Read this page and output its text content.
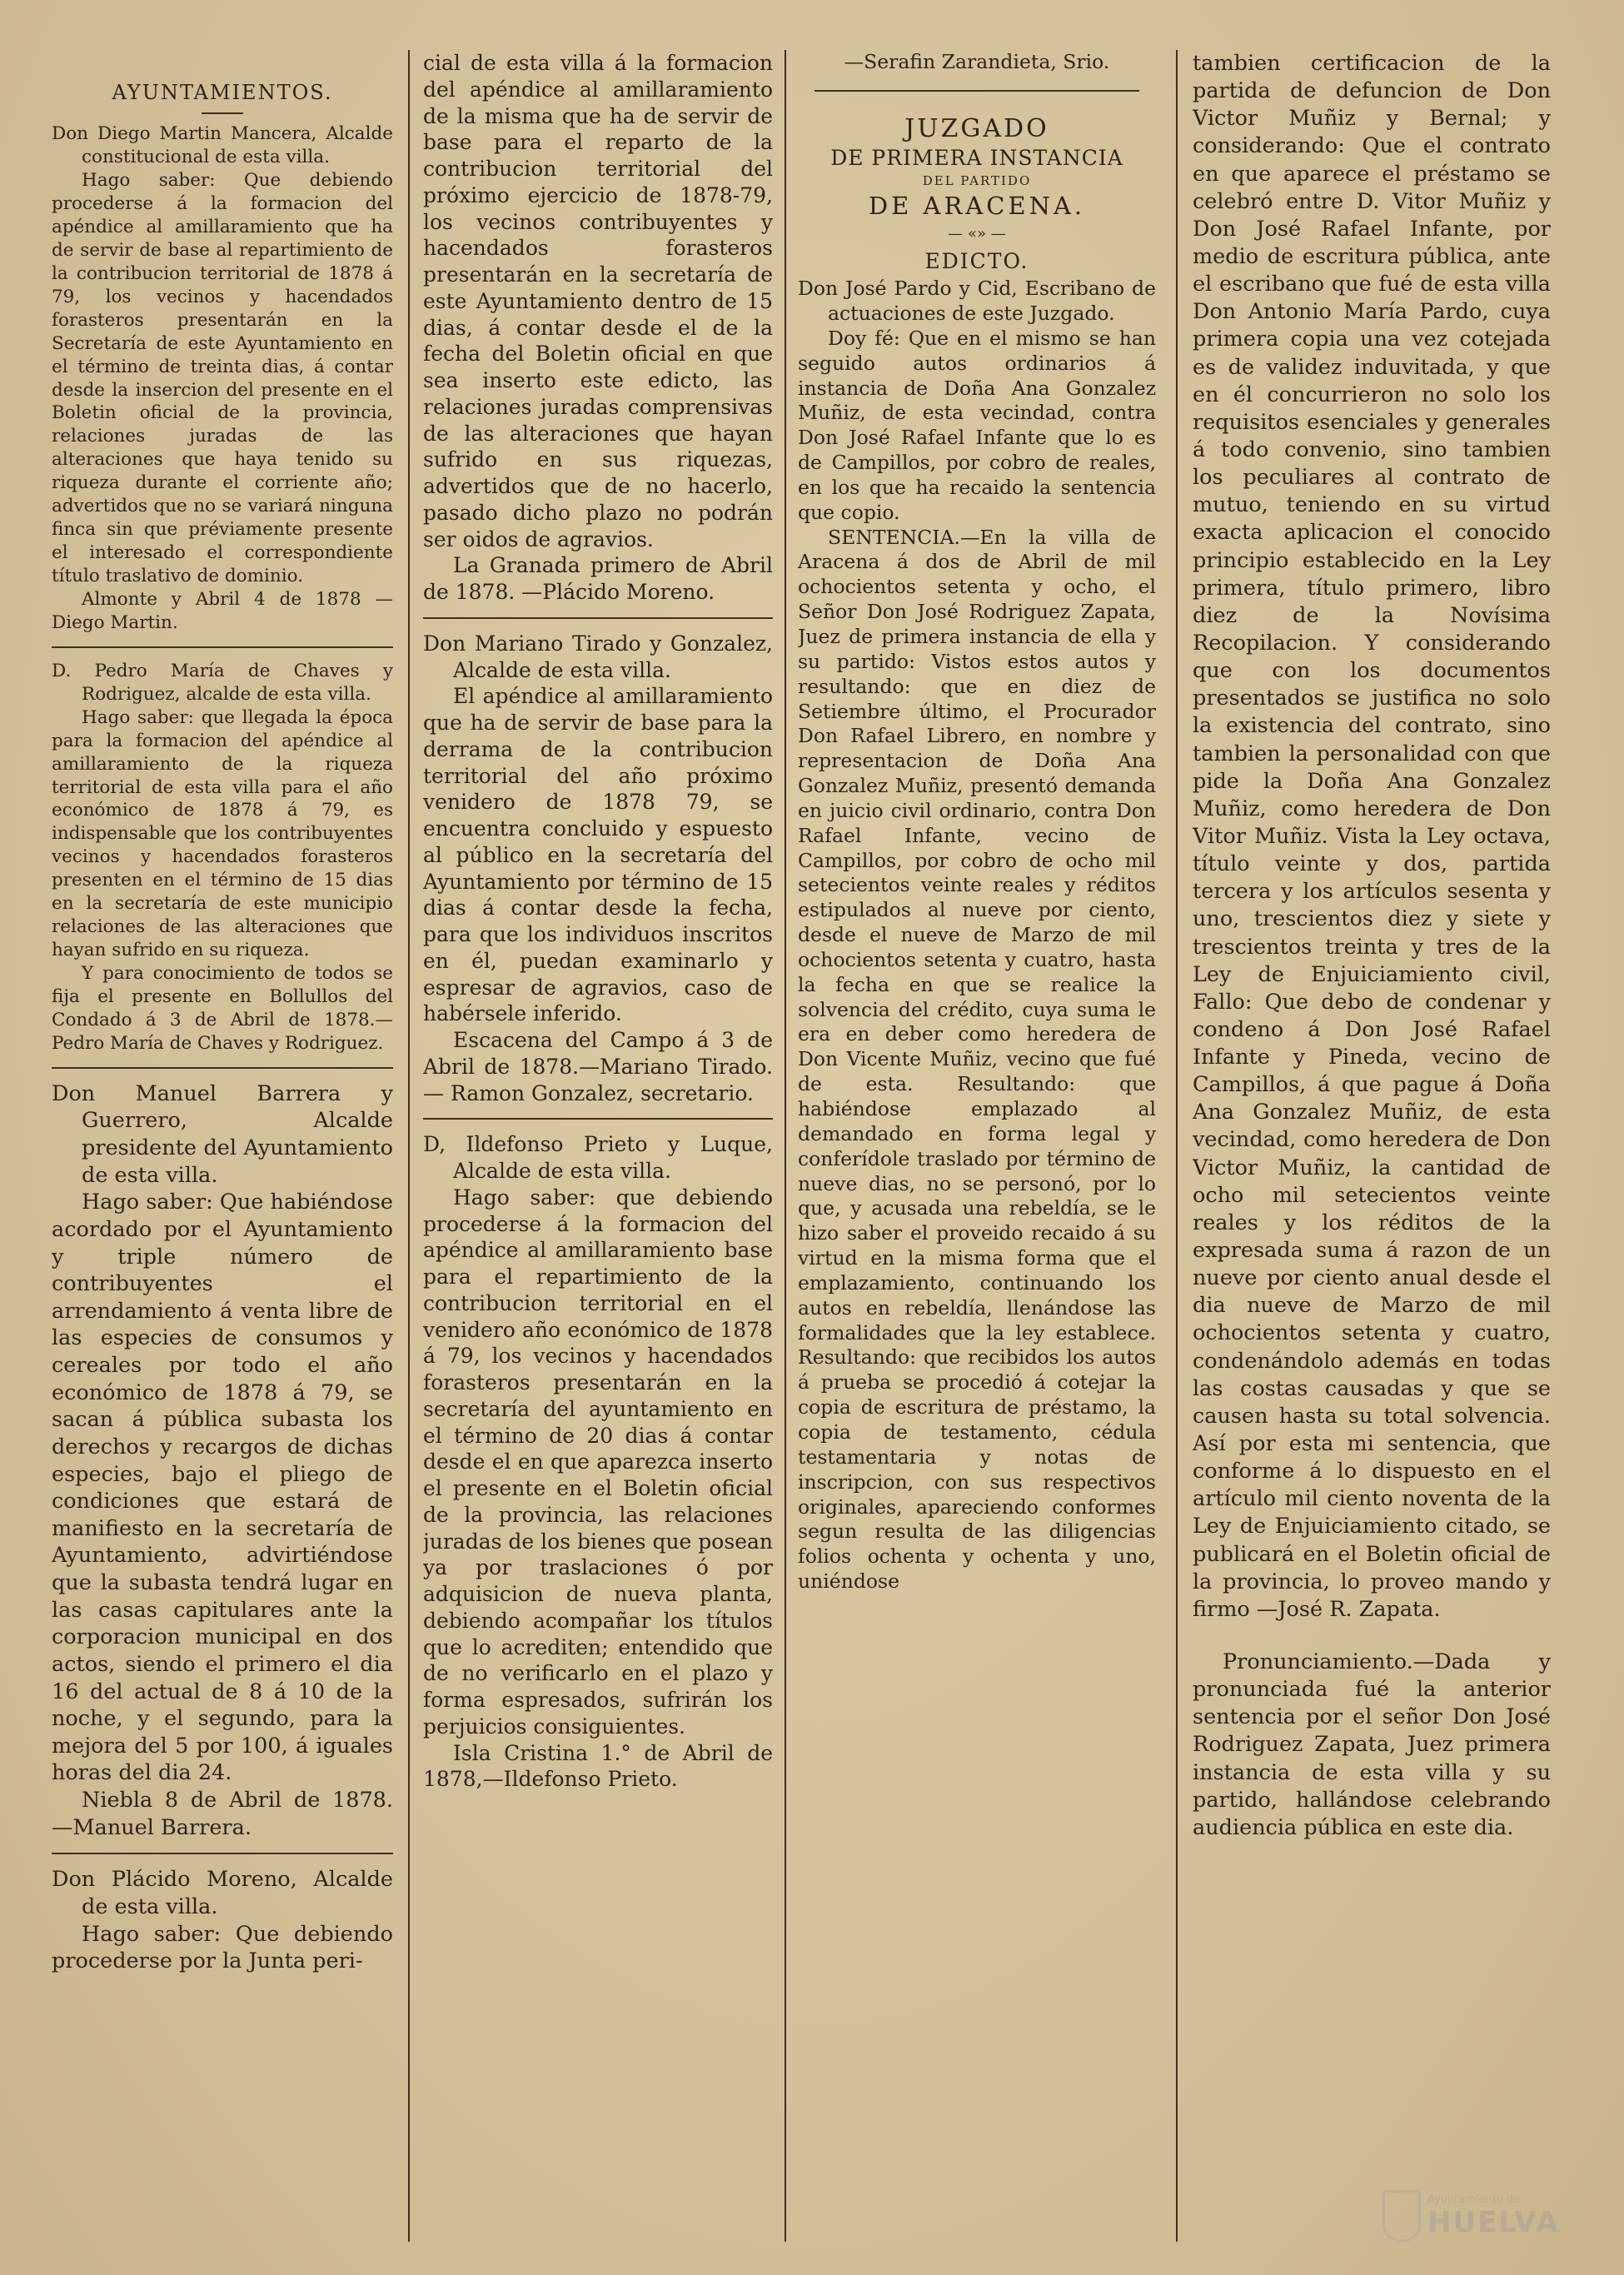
AYUNTAMIENTOS.

Don Diego Martin Mancera, Alcalde constitucional de esta villa.

Hago saber: Que debiendo procederse á la formacion del apéndice al amillaramiento que ha de servir de base al repartimiento de la contribucion territorial de 1878 á 79, los vecinos y hacendados forasteros presentarán en la Secretaría de este Ayuntamiento en el término de treinta dias, á contar desde la insercion del presente en el Boletin oficial de la provincia, relaciones juradas de las alteraciones que haya tenido su riqueza durante el corriente año; advertidos que no se variará ninguna finca sin que préviamente presente el interesado el correspondiente título traslativo de dominio.

Almonte y Abril 4 de 1878 — Diego Martin.

D. Pedro María de Chaves y Rodriguez, alcalde de esta villa.

Hago saber: que llegada la época para la formacion del apéndice al amillaramiento de la riqueza territorial de esta villa para el año económico de 1878 á 79, es indispensable que los contribuyentes vecinos y hacendados forasteros presenten en el término de 15 dias en la secretaría de este municipio relaciones de las alteraciones que hayan sufrido en su riqueza.

Y para conocimiento de todos se fija el presente en Bollullos del Condado á 3 de Abril de 1878.—Pedro María de Chaves y Rodriguez.

Don Manuel Barrera y Guerrero, Alcalde presidente del Ayuntamiento de esta villa.

Hago saber: Que habiéndose acordado por el Ayuntamiento y triple número de contribuyentes el arrendamiento á venta libre de las especies de consumos y cereales por todo el año económico de 1878 á 79, se sacan á pública subasta los derechos y recargos de dichas especies, bajo el pliego de condiciones que estará de manifiesto en la secretaría de Ayuntamiento, advirtiéndose que la subasta tendrá lugar en las casas capitulares ante la corporacion municipal en dos actos, siendo el primero el dia 16 del actual de 8 á 10 de la noche, y el segundo, para la mejora del 5 por 100, á iguales horas del dia 24.

Niebla 8 de Abril de 1878. —Manuel Barrera.

Don Plácido Moreno, Alcalde de esta villa.

Hago saber: Que debiendo procederse por la Junta peri-

cial de esta villa á la formacion del apéndice al amillaramiento de la misma que ha de servir de base para el reparto de la contribucion territorial del próximo ejercicio de 1878-79, los vecinos contribuyentes y hacendados forasteros presentarán en la secretaría de este Ayuntamiento dentro de 15 dias, á contar desde el de la fecha del Boletin oficial en que sea inserto este edicto, las relaciones juradas comprensivas de las alteraciones que hayan sufrido en sus riquezas, advertidos que de no hacerlo, pasado dicho plazo no podrán ser oidos de agravios.

La Granada primero de Abril de 1878. —Plácido Moreno.

Don Mariano Tirado y Gonzalez, Alcalde de esta villa.

El apéndice al amillaramiento que ha de servir de base para la derrama de la contribucion territorial del año próximo venidero de 1878 79, se encuentra concluido y espuesto al público en la secretaría del Ayuntamiento por término de 15 dias á contar desde la fecha, para que los individuos inscritos en él, puedan examinarlo y espresar de agravios, caso de habérsele inferido.

Escacena del Campo á 3 de Abril de 1878.—Mariano Tirado. — Ramon Gonzalez, secretario.

D, Ildefonso Prieto y Luque, Alcalde de esta villa.

Hago saber: que debiendo procederse á la formacion del apéndice al amillaramiento base para el repartimiento de la contribucion territorial en el venidero año económico de 1878 á 79, los vecinos y hacendados forasteros presentarán en la secretaría del ayuntamiento en el término de 20 dias á contar desde el en que aparezca inserto el presente en el Boletin oficial de la provincia, las relaciones juradas de los bienes que posean ya por traslaciones ó por adquisicion de nueva planta, debiendo acompañar los títulos que lo acrediten; entendido que de no verificarlo en el plazo y forma espresados, sufrirán los perjuicios consiguientes.

Isla Cristina 1.° de Abril de 1878,—Ildefonso Prieto.

—Serafin Zarandieta, Srio.

JUZGADO

DE PRIMERA INSTANCIA

DEL PARTIDO

DE ARACENA.

— «» —

EDICTO.

Don José Pardo y Cid, Escribano de actuaciones de este Juzgado.

Doy fé: Que en el mismo se han seguido autos ordinarios á instancia de Doña Ana Gonzalez Muñiz, de esta vecindad, contra Don José Rafael Infante que lo es de Campillos, por cobro de reales, en los que ha recaido la sentencia que copio.

SENTENCIA.—En la villa de Aracena á dos de Abril de mil ochocientos setenta y ocho, el Señor Don José Rodriguez Zapata, Juez de primera instancia de ella y su partido: Vistos estos autos y resultando: que en diez de Setiembre último, el Procurador Don Rafael Librero, en nombre y representacion de Doña Ana Gonzalez Muñiz, presentó demanda en juicio civil ordinario, contra Don Rafael Infante, vecino de Campillos, por cobro de ocho mil setecientos veinte reales y réditos estipulados al nueve por ciento, desde el nueve de Marzo de mil ochocientos setenta y cuatro, hasta la fecha en que se realice la solvencia del crédito, cuya suma le era en deber como heredera de Don Vicente Muñiz, vecino que fué de esta. Resultando: que habiéndose emplazado al demandado en forma legal y conferídole traslado por término de nueve dias, no se personó, por lo que, y acusada una rebeldía, se le hizo saber el proveido recaido á su virtud en la misma forma que el emplazamiento, continuando los autos en rebeldía, llenándose las formalidades que la ley establece. Resultando: que recibidos los autos á prueba se procedió á cotejar la copia de escritura de préstamo, la copia de testamento, cédula testamentaria y notas de inscripcion, con sus respectivos originales, apareciendo conformes segun resulta de las diligencias folios ochenta y ochenta y uno, uniéndose

tambien certificacion de la partida de defuncion de Don Victor Muñiz y Bernal; y considerando: Que el contrato en que aparece el préstamo se celebró entre D. Vitor Muñiz y Don José Rafael Infante, por medio de escritura pública, ante el escribano que fué de esta villa Don Antonio María Pardo, cuya primera copia una vez cotejada es de validez induvitada, y que en él concurrieron no solo los requisitos esenciales y generales á todo convenio, sino tambien los peculiares al contrato de mutuo, teniendo en su virtud exacta aplicacion el conocido principio establecido en la Ley primera, título primero, libro diez de la Novísima Recopilacion. Y considerando que con los documentos presentados se justifica no solo la existencia del contrato, sino tambien la personalidad con que pide la Doña Ana Gonzalez Muñiz, como heredera de Don Vitor Muñiz. Vista la Ley octava, título veinte y dos, partida tercera y los artículos sesenta y uno, trescientos diez y siete y trescientos treinta y tres de la Ley de Enjuiciamiento civil, Fallo: Que debo de condenar y condeno á Don José Rafael Infante y Pineda, vecino de Campillos, á que pague á Doña Ana Gonzalez Muñiz, de esta vecindad, como heredera de Don Victor Muñiz, la cantidad de ocho mil setecientos veinte reales y los réditos de la expresada suma á razon de un nueve por ciento anual desde el dia nueve de Marzo de mil ochocientos setenta y cuatro, condenándolo además en todas las costas causadas y que se causen hasta su total solvencia. Así por esta mi sentencia, que conforme á lo dispuesto en el artículo mil ciento noventa de la Ley de Enjuiciamiento citado, se publicará en el Boletin oficial de la provincia, lo proveo mando y firmo —José R. Zapata.

Pronunciamiento.—Dada y pronunciada fué la anterior sentencia por el señor Don José Rodriguez Zapata, Juez primera instancia de esta villa y su partido, hallándose celebrando audiencia pública en este dia.

Ayuntamiento de
HUELVA
